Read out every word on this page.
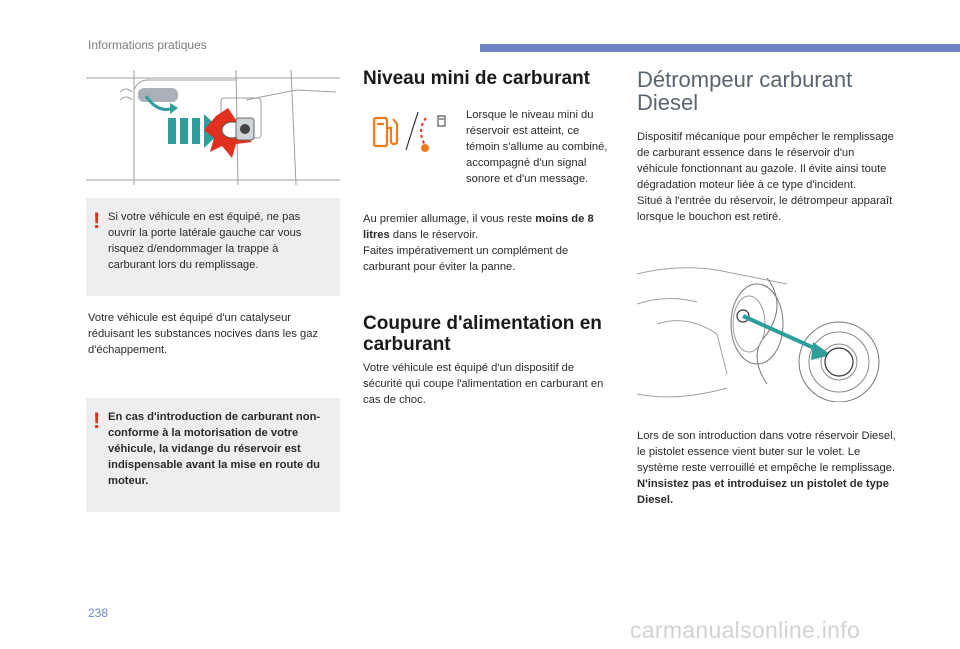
Informations pratiques
! Si votre véhicule en est équipé, ne pas ouvrir la porte latérale gauche car vous risquez d/endommager la trappe à carburant lors du remplissage.

Votre véhicule est équipé d'un catalyseur réduisant les substances nocives dans les gaz d'échappement.
! En cas d'introduction de carburant non-conforme à la motorisation de votre véhicule, la vidange du réservoir est indispensable avant la mise en route du moteur.

Niveau mini de carburant
Lorsque le niveau mini du réservoir est atteint, ce témoin s'allume au combiné, accompagné d'un signal sonore et d'un message.
Au premier allumage, il vous reste moins de 8 litres dans le réservoir.
Faites impérativement un complément de carburant pour éviter la panne.
Coupure d'alimentation en carburant
Votre véhicule est équipé d'un dispositif de sécurité qui coupe l'alimentation en carburant en cas de choc.
Détrompeur carburant
Diesel
Dispositif mécanique pour empêcher le remplissage de carburant essence dans le réservoir d'un véhicule fonctionnant au gazole. Il évite ainsi toute dégradation moteur liée à ce type d'incident.
Situé à l'entrée du réservoir, le détrompeur apparaît lorsque le bouchon est retiré.
Lors de son introduction dans votre réservoir Diesel, le pistolet essence vient buter sur le volet. Le système reste verrouillé et empêche le remplissage.
N'insistez pas et introduisez un pistolet de type Diesel.
238
carmanualsonline.info
